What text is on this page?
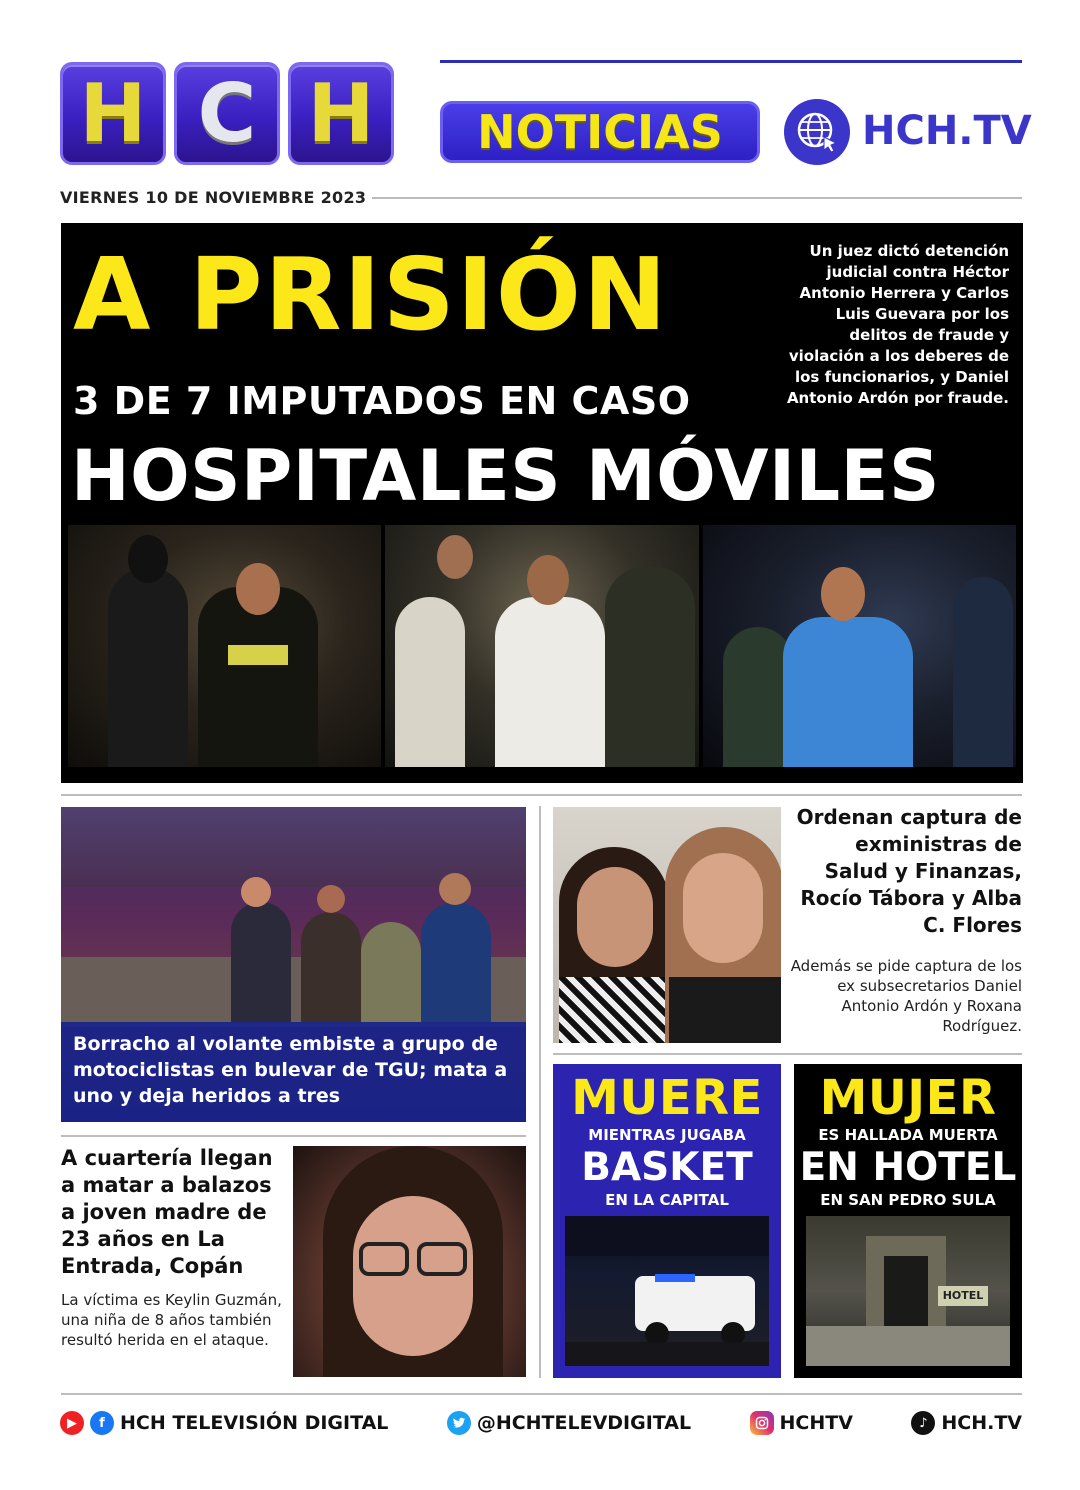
H C H	NOTICIAS	HCH.TV
VIERNES 10 DE NOVIEMBRE 2023
A PRISIÓN
3 DE 7 IMPUTADOS EN CASO
HOSPITALES MÓVILES
Un juez dictó detención judicial contra Héctor Antonio Herrera y Carlos Luis Guevara por los delitos de fraude y violación a los deberes de los funcionarios, y Daniel Antonio Ardón por fraude.
Borracho al volante embiste a grupo de motociclistas en bulevar de TGU; mata a uno y deja heridos a tres
A cuartería llegan a matar a balazos a joven madre de 23 años en La Entrada, Copán
La víctima es Keylin Guzmán, una niña de 8 años también resultó herida en el ataque.
Ordenan captura de exministras de Salud y Finanzas, Rocío Tábora y Alba C. Flores
Además se pide captura de los ex subsecretarios Daniel Antonio Ardón y Roxana Rodríguez.
MUERE
MIENTRAS JUGABA
BASKET
EN LA CAPITAL
MUJER
ES HALLADA MUERTA
EN HOTEL
EN SAN PEDRO SULA
HOTEL
▶	f HCH TELEVISIÓN DIGITAL	@HCHTELEVDIGITAL	HCHTV	♪ HCH.TV
